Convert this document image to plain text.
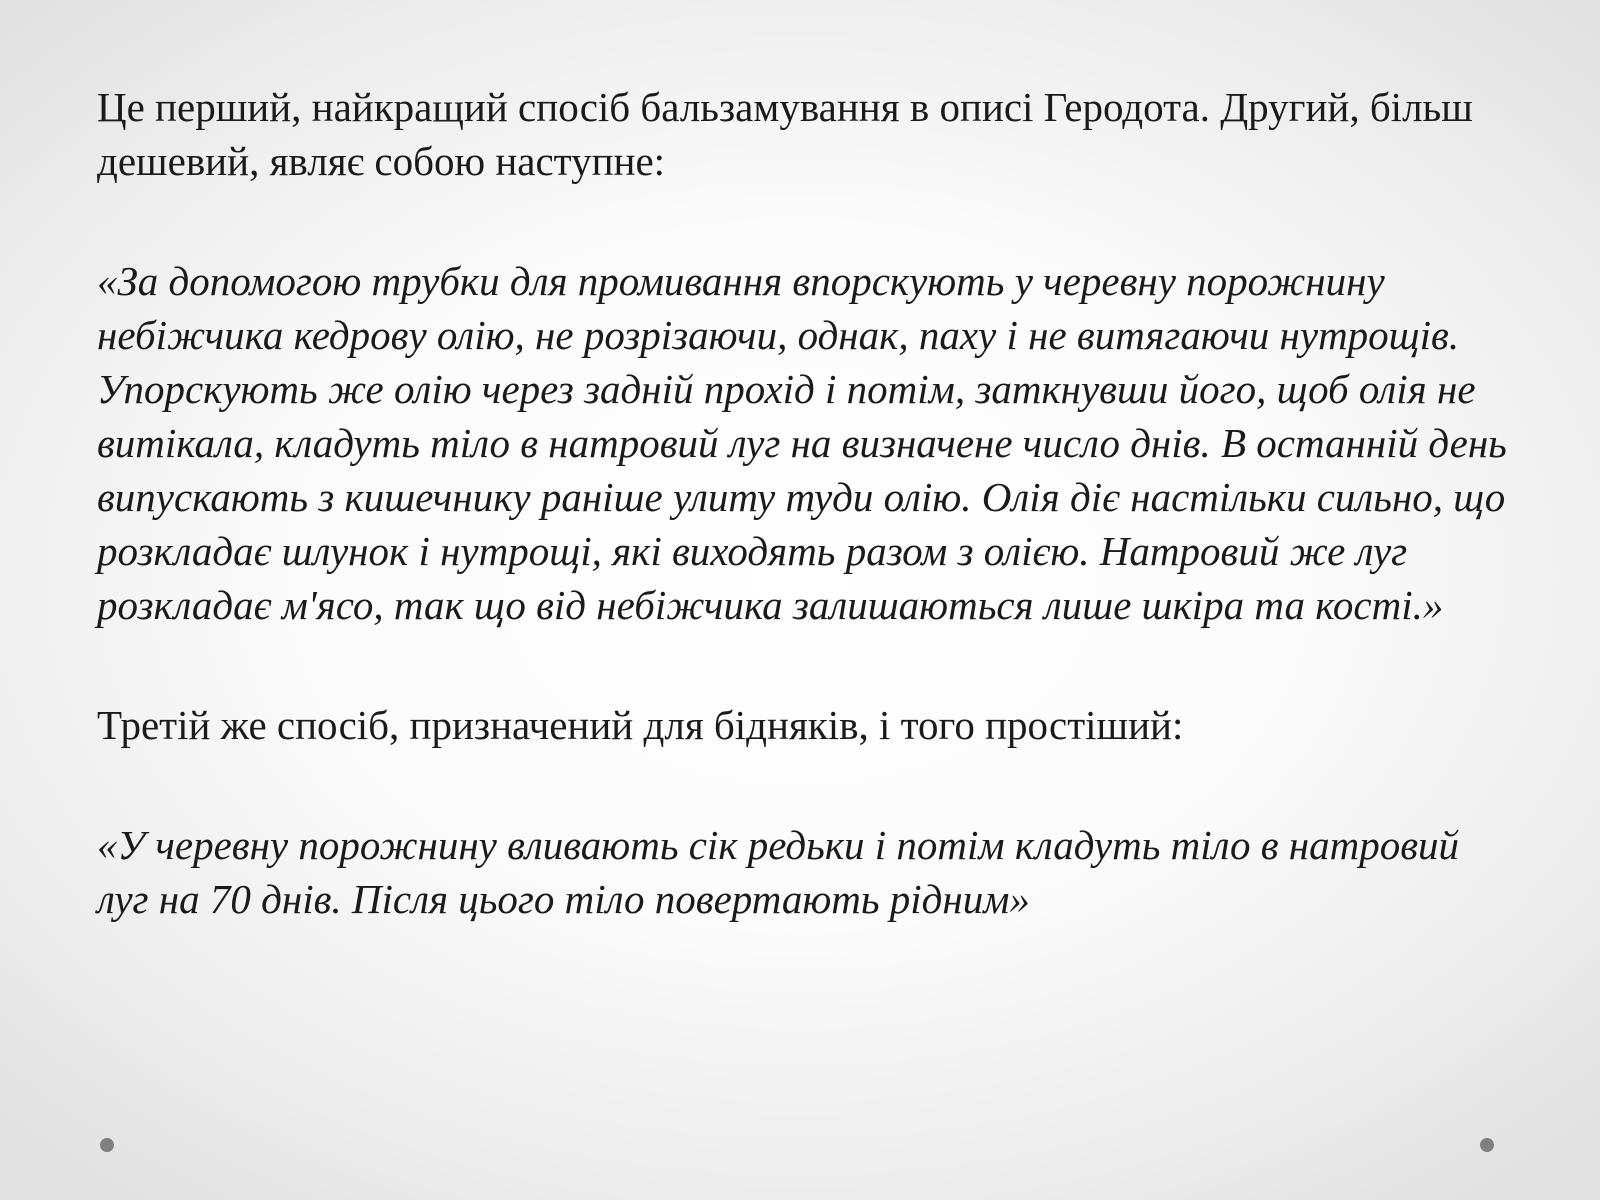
Це перший, найкращий спосіб бальзамування в описі Геродота. Другий, більш дешевий, являє собою наступне:

«За допомогою трубки для промивання впорскують у черевну порожнину небіжчика кедрову олію, не розрізаючи, однак, паху і не витягаючи нутрощів. Упорскують же олію через задній прохід і потім, заткнувши його, щоб олія не витікала, кладуть тіло в натровий луг на визначене число днів. В останній день випускають з кишечнику раніше улиту туди олію. Олія діє настільки сильно, що розкладає шлунок і нутрощі, які виходять разом з олією. Натровий же луг розкладає м'ясо, так що від небіжчика залишаються лише шкіра та кості.»

Третій же спосіб, призначений для бідняків, і того простіший:

«У черевну порожнину вливають сік редьки і потім кладуть тіло в натровий луг на 70 днів. Після цього тіло повертають рідним»
